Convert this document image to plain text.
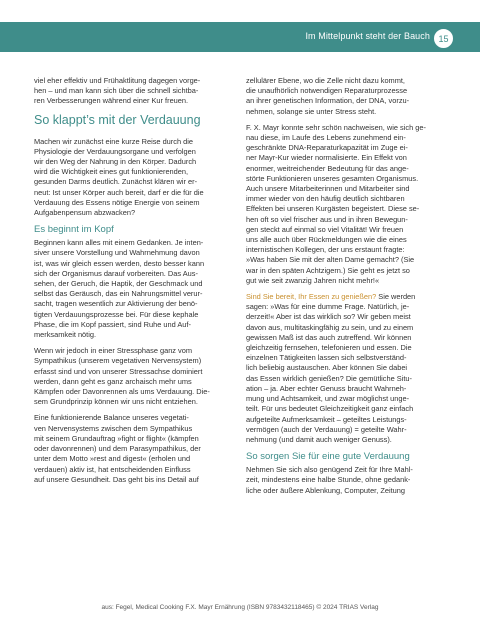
Im Mittelpunkt steht der Bauch 15

viel eher effektiv und Frühaktlitung dagegen vorge-

hen – und man kann sich über die schnell sichtba-

ren Verbesserungen während einer Kur freuen.

So klappt’s mit der Verdauung

Machen wir zunächst eine kurze Reise durch die

Physiologie der Verdauungsorgane und verfolgen

wir den Weg der Nahrung in den Körper. Dadurch

wird die Wichtigkeit eines gut funktionierenden,

gesunden Darms deutlich. Zunächst klären wir er-

neut: Ist unser Körper auch bereit, darf er die für die

Verdauung des Essens nötige Energie von seinem

Aufgabenpensum abzwacken?

Es beginnt im Kopf

Beginnen kann alles mit einem Gedanken. Je inten-

siver unsere Vorstellung und Wahrnehmung davon

ist, was wir gleich essen werden, desto besser kann

sich der Organismus darauf vorbereiten. Das Aus-

sehen, der Geruch, die Haptik, der Geschmack und

selbst das Geräusch, das ein Nahrungsmittel verur-

sacht, tragen wesentlich zur Aktivierung der benö-

tigten Verdauungsprozesse bei. Für diese kephale

Phase, die im Kopf passiert, sind Ruhe und Auf-

merksamkeit nötig.

Wenn wir jedoch in einer Stressphase ganz vom

Sympathikus (unserem vegetativen Nervensystem)

erfasst sind und von unserer Stressachse dominiert

werden, dann geht es ganz archaisch mehr ums

Kämpfen oder Davonrennen als ums Verdauung. Die-

sem Grundprinzip können wir uns nicht entziehen.

Eine funktionierende Balance unseres vegetati-

ven Nervensystems zwischen dem Sympathikus

mit seinem Grundauftrag »fight or flight« (kämpfen

oder davonrennen) und dem Parasympathikus, der

unter dem Motto »rest and digest« (erholen und

verdauen) aktiv ist, hat entscheidenden Einfluss

auf unsere Gesundheit. Das geht bis ins Detail auf

zellulärer Ebene, wo die Zelle nicht dazu kommt,

die unaufhörlich notwendigen Reparaturprozesse

an ihrer genetischen Information, der DNA, vorzu-

nehmen, solange sie unter Stress steht.

F. X. Mayr konnte sehr schön nachweisen, wie sich ge-

nau diese, im Laufe des Lebens zunehmend ein-

geschränkte DNA-Reparaturkapazität im Zuge ei-

ner Mayr-Kur wieder normalisierte. Ein Effekt von

enormer, weitreichender Bedeutung für das ange-

störte Funktionieren unseres gesamten Organismus.

Auch unsere Mitarbeiterinnen und Mitarbeiter sind

immer wieder von den häufig deutlich sichtbaren

Effekten bei unseren Kurgästen begeistert. Diese se-

hen oft so viel frischer aus und in ihren Bewegun-

gen steckt auf einmal so viel Vitalität! Wir freuen

uns alle auch über Rückmeldungen wie die eines

internistischen Kollegen, der uns erstaunt fragte:

»Was haben Sie mit der alten Dame gemacht? (Sie

war in den späten Achtzigern.) Sie geht es jetzt so

gut wie seit zwanzig Jahren nicht mehr!«

Sind Sie bereit, Ihr Essen zu genießen? Sie werden

sagen: »Was für eine dumme Frage. Natürlich, je-

derzeit!« Aber ist das wirklich so? Wir geben meist

davon aus, multitaskingfähig zu sein, und zu einem

gewissen Maß ist das auch zutreffend. Wir können

gleichzeitig fernsehen, telefonieren und essen. Die

einzelnen Tätigkeiten lassen sich selbstverständ-

lich beliebig austauschen. Aber können Sie dabei

das Essen wirklich genießen? Die gemütliche Situ-

ation – ja. Aber echter Genuss braucht Wahrneh-

mung und Achtsamkeit, und zwar möglichst unge-

teilt. Für uns bedeutet Gleichzeitigkeit ganz einfach

aufgeteilte Aufmerksamkeit – geteiltes Leistungs-

vermögen (auch der Verdauung) = geteilte Wahr-

nehmung (und damit auch weniger Genuss).

So sorgen Sie für eine gute Verdauung

Nehmen Sie sich also genügend Zeit für Ihre Mahl-

zeit, mindestens eine halbe Stunde, ohne gedank-

liche oder äußere Ablenkung, Computer, Zeitung

aus: Fegel, Medical Cooking F.X. Mayr Ernährung (ISBN 9783432118465) © 2024 TRIAS Verlag
